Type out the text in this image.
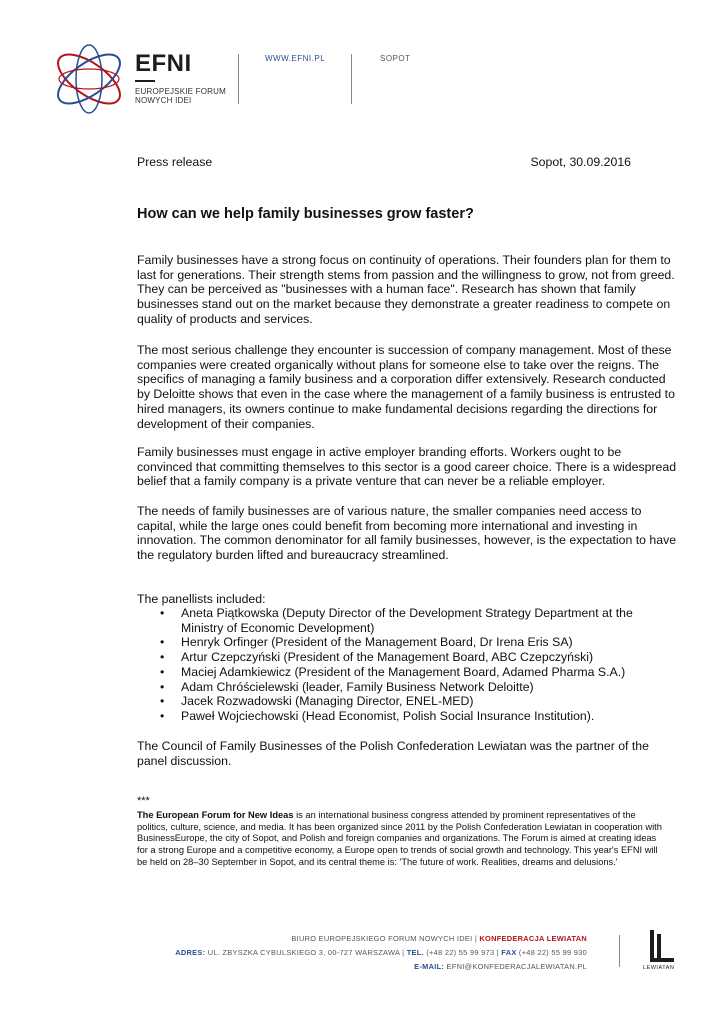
EFNI
EUROPEJSKIE FORUM
NOWYCH IDEI
WWW.EFNI.PL	SOPOT
Press release	Sopot, 30.09.2016
How can we help family businesses grow faster?
Family businesses have a strong focus on continuity of operations. Their founders plan for them to last for generations. Their strength stems from passion and the willingness to grow, not from greed. They can be perceived as "businesses with a human face". Research has shown that family businesses stand out on the market because they demonstrate a greater readiness to compete on quality of products and services.
The most serious challenge they encounter is succession of company management. Most of these companies were created organically without plans for someone else to take over the reigns. The specifics of managing a family business and a corporation differ extensively. Research conducted by Deloitte shows that even in the case where the management of a family business is entrusted to hired managers, its owners continue to make fundamental decisions regarding the directions for development of their companies.
Family businesses must engage in active employer branding efforts. Workers ought to be convinced that committing themselves to this sector is a good career choice. There is a widespread belief that a family company is a private venture that can never be a reliable employer.
The needs of family businesses are of various nature, the smaller companies need access to capital, while the large ones could benefit from becoming more international and investing in innovation. The common denominator for all family businesses, however, is the expectation to have the regulatory burden lifted and bureaucracy streamlined.
The panellists included:
• Aneta Piątkowska (Deputy Director of the Development Strategy Department at the Ministry of Economic Development)
• Henryk Orfinger (President of the Management Board, Dr Irena Eris SA)
• Artur Czepczyński (President of the Management Board, ABC Czepczyński)
• Maciej Adamkiewicz (President of the Management Board, Adamed Pharma S.A.)
• Adam Chróścielewski (leader, Family Business Network Deloitte)
• Jacek Rozwadowski (Managing Director, ENEL-MED)
• Paweł Wojciechowski (Head Economist, Polish Social Insurance Institution).
The Council of Family Businesses of the Polish Confederation Lewiatan was the partner of the panel discussion.
***
The European Forum for New Ideas is an international business congress attended by prominent representatives of the politics, culture, science, and media. It has been organized since 2011 by the Polish Confederation Lewiatan in cooperation with BusinessEurope, the city of Sopot, and Polish and foreign companies and organizations. The Forum is aimed at creating ideas for a strong Europe and a competitive economy, a Europe open to trends of social growth and technology. This year's EFNI will be held on 28–30 September in Sopot, and its central theme is: 'The future of work. Realities, dreams and delusions.'
BIURO EUROPEJSKIEGO FORUM NOWYCH IDEI | KONFEDERACJA LEWIATAN
ADRES: UL. ZBYSZKA CYBULSKIEGO 3, 00-727 WARSZAWA | TEL. (+48 22) 55 99 973 | FAX (+48 22) 55 99 930
E-MAIL: EFNI@KONFEDERACJALEWIATAN.PL	LEWIATAN
